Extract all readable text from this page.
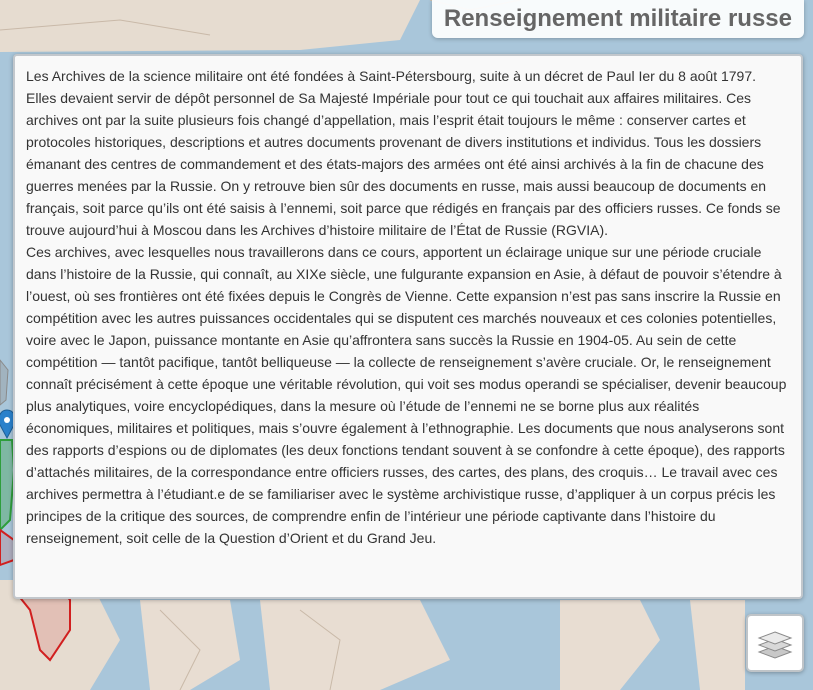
Renseignement militaire russe

Les Archives de la science militaire ont été fondées à Saint-Pétersbourg, suite à un décret de Paul Ier du 8 août 1797. Elles devaient servir de dépôt personnel de Sa Majesté Impériale pour tout ce qui touchait aux affaires militaires. Ces archives ont par la suite plusieurs fois changé d’appellation, mais l’esprit était toujours le même : conserver cartes et protocoles historiques, descriptions et autres documents provenant de divers institutions et individus. Tous les dossiers émanant des centres de commandement et des états-majors des armées ont été ainsi archivés à la fin de chacune des guerres menées par la Russie. On y retrouve bien sûr des documents en russe, mais aussi beaucoup de documents en français, soit parce qu’ils ont été saisis à l’ennemi, soit parce que rédigés en français par des officiers russes. Ce fonds se trouve aujourd’hui à Moscou dans les Archives d’histoire militaire de l’État de Russie (RGVIA).

Ces archives, avec lesquelles nous travaillerons dans ce cours, apportent un éclairage unique sur une période cruciale dans l’histoire de la Russie, qui connaît, au XIXe siècle, une fulgurante expansion en Asie, à défaut de pouvoir s’étendre à l’ouest, où ses frontières ont été fixées depuis le Congrès de Vienne. Cette expansion n’est pas sans inscrire la Russie en compétition avec les autres puissances occidentales qui se disputent ces marchés nouveaux et ces colonies potentielles, voire avec le Japon, puissance montante en Asie qu’affrontera sans succès la Russie en 1904-05. Au sein de cette compétition — tantôt pacifique, tantôt belliqueuse — la collecte de renseignement s’avère cruciale. Or, le renseignement connaît précisément à cette époque une véritable révolution, qui voit ses modus operandi se spécialiser, devenir beaucoup plus analytiques, voire encyclopédiques, dans la mesure où l’étude de l’ennemi ne se borne plus aux réalités économiques, militaires et politiques, mais s’ouvre également à l’ethnographie. Les documents que nous analyserons sont des rapports d’espions ou de diplomates (les deux fonctions tendant souvent à se confondre à cette époque), des rapports d’attachés militaires, de la correspondance entre officiers russes, des cartes, des plans, des croquis… Le travail avec ces archives permettra à l’étudiant.e de se familiariser avec le système archivistique russe, d’appliquer à un corpus précis les principes de la critique des sources, de comprendre enfin de l’intérieur une période captivante dans l’histoire du renseignement, soit celle de la Question d’Orient et du Grand Jeu.
